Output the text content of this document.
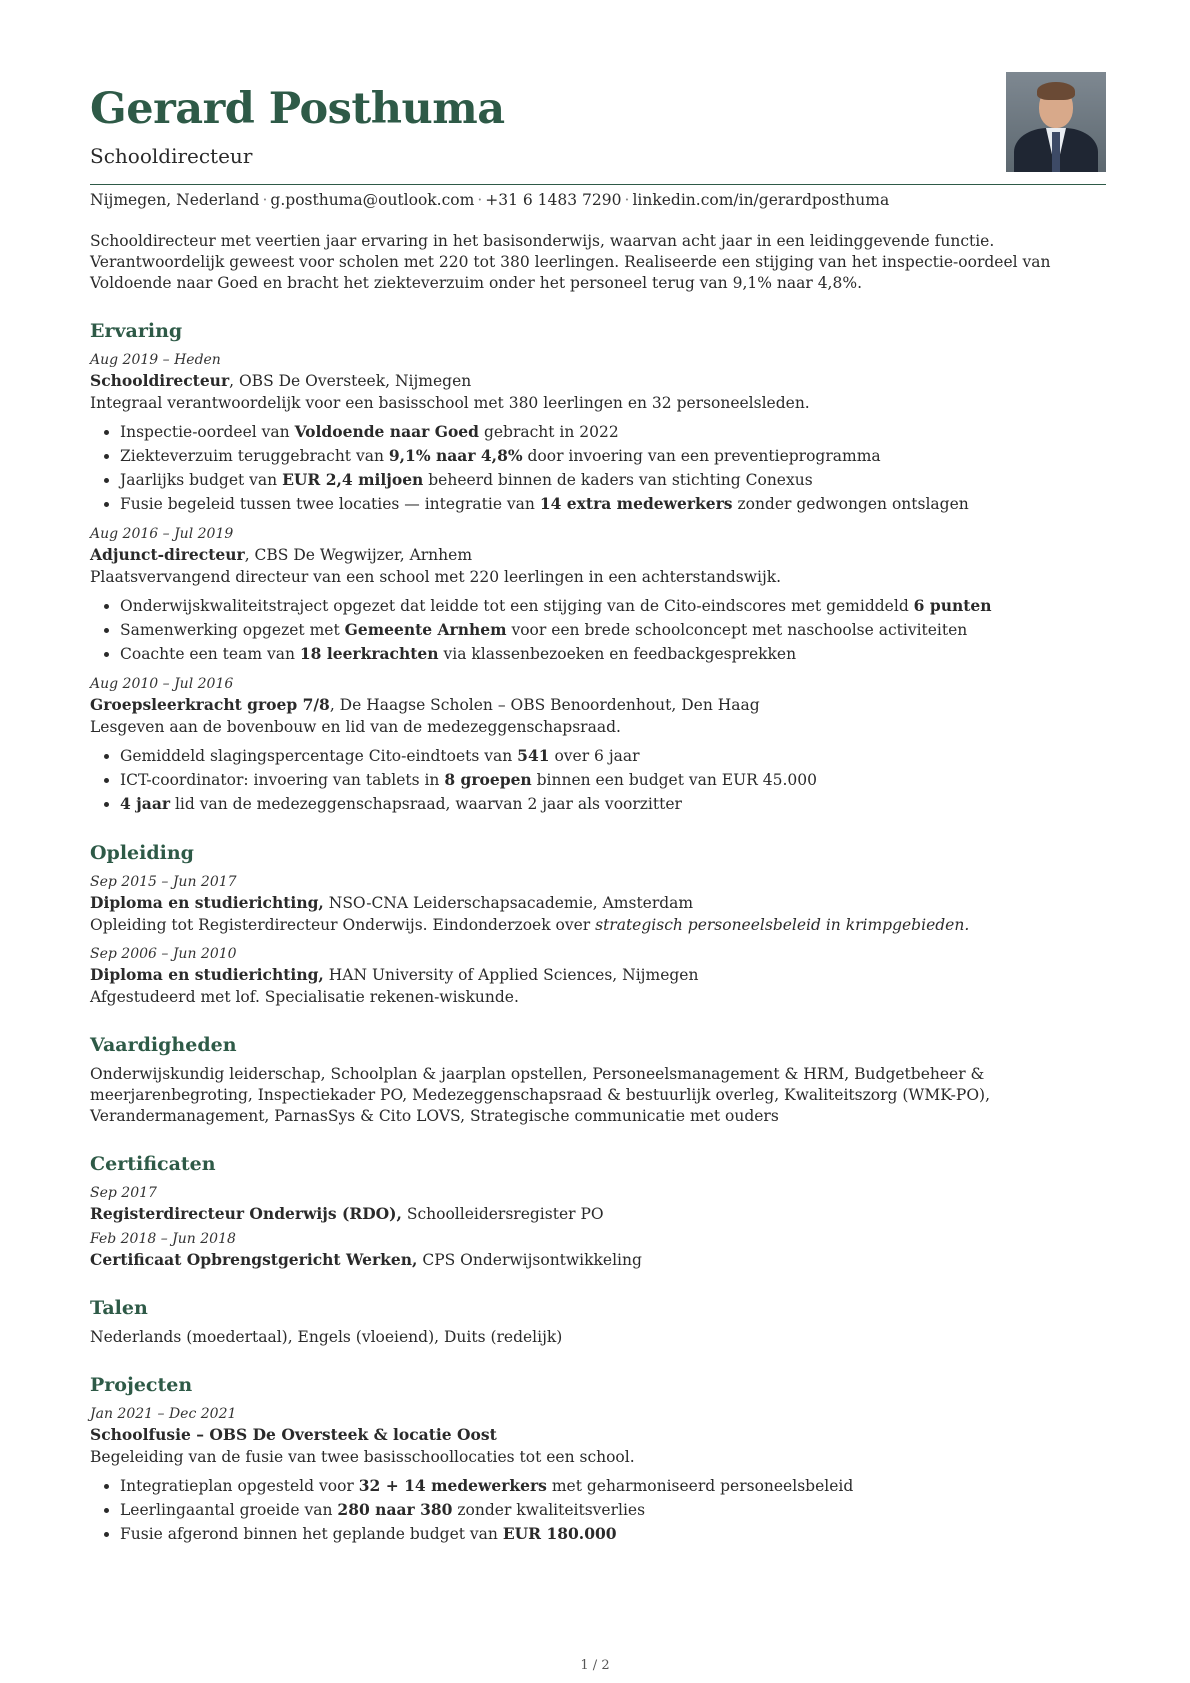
Gerard Posthuma
Schooldirecteur
Nijmegen, Nederland · g.posthuma@outlook.com · +31 6 1483 7290 · linkedin.com/in/gerardposthuma
Schooldirecteur met veertien jaar ervaring in het basisonderwijs, waarvan acht jaar in een leidinggevende functie. Verantwoordelijk geweest voor scholen met 220 tot 380 leerlingen. Realiseerde een stijging van het inspectie-oordeel van Voldoende naar Goed en bracht het ziekteverzuim onder het personeel terug van 9,1% naar 4,8%.
Ervaring
Aug 2019 – Heden
Schooldirecteur, OBS De Oversteek, Nijmegen
Integraal verantwoordelijk voor een basisschool met 380 leerlingen en 32 personeelsleden.
• Inspectie-oordeel van Voldoende naar Goed gebracht in 2022
• Ziekteverzuim teruggebracht van 9,1% naar 4,8% door invoering van een preventieprogramma
• Jaarlijks budget van EUR 2,4 miljoen beheerd binnen de kaders van stichting Conexus
• Fusie begeleid tussen twee locaties — integratie van 14 extra medewerkers zonder gedwongen ontslagen
Aug 2016 – Jul 2019
Adjunct-directeur, CBS De Wegwijzer, Arnhem
Plaatsvervangend directeur van een school met 220 leerlingen in een achterstandswijk.
• Onderwijskwaliteitstraject opgezet dat leidde tot een stijging van de Cito-eindscores met gemiddeld 6 punten
• Samenwerking opgezet met Gemeente Arnhem voor een brede schoolconcept met naschoolse activiteiten
• Coachte een team van 18 leerkrachten via klassenbezoeken en feedbackgesprekken
Aug 2010 – Jul 2016
Groepsleerkracht groep 7/8, De Haagse Scholen – OBS Benoordenhout, Den Haag
Lesgeven aan de bovenbouw en lid van de medezeggenschapsraad.
• Gemiddeld slagingspercentage Cito-eindtoets van 541 over 6 jaar
• ICT-coordinator: invoering van tablets in 8 groepen binnen een budget van EUR 45.000
• 4 jaar lid van de medezeggenschapsraad, waarvan 2 jaar als voorzitter
Opleiding
Sep 2015 – Jun 2017
Diploma en studierichting, NSO-CNA Leiderschapsacademie, Amsterdam
Opleiding tot Registerdirecteur Onderwijs. Eindonderzoek over strategisch personeelsbeleid in krimpgebieden.
Sep 2006 – Jun 2010
Diploma en studierichting, HAN University of Applied Sciences, Nijmegen
Afgestudeerd met lof. Specialisatie rekenen-wiskunde.
Vaardigheden
Onderwijskundig leiderschap, Schoolplan & jaarplan opstellen, Personeelsmanagement & HRM, Budgetbeheer & meerjarenbegroting, Inspectiekader PO, Medezeggenschapsraad & bestuurlijk overleg, Kwaliteitszorg (WMK-PO), Verandermanagement, ParnasSys & Cito LOVS, Strategische communicatie met ouders
Certificaten
Sep 2017
Registerdirecteur Onderwijs (RDO), Schoolleidersregister PO
Feb 2018 – Jun 2018
Certificaat Opbrengstgericht Werken, CPS Onderwijsontwikkeling
Talen
Nederlands (moedertaal), Engels (vloeiend), Duits (redelijk)
Projecten
Jan 2021 – Dec 2021
Schoolfusie – OBS De Oversteek & locatie Oost
Begeleiding van de fusie van twee basisschoollocaties tot een school.
• Integratieplan opgesteld voor 32 + 14 medewerkers met geharmoniseerd personeelsbeleid
• Leerlingaantal groeide van 280 naar 380 zonder kwaliteitsverlies
• Fusie afgerond binnen het geplande budget van EUR 180.000
1 / 2
